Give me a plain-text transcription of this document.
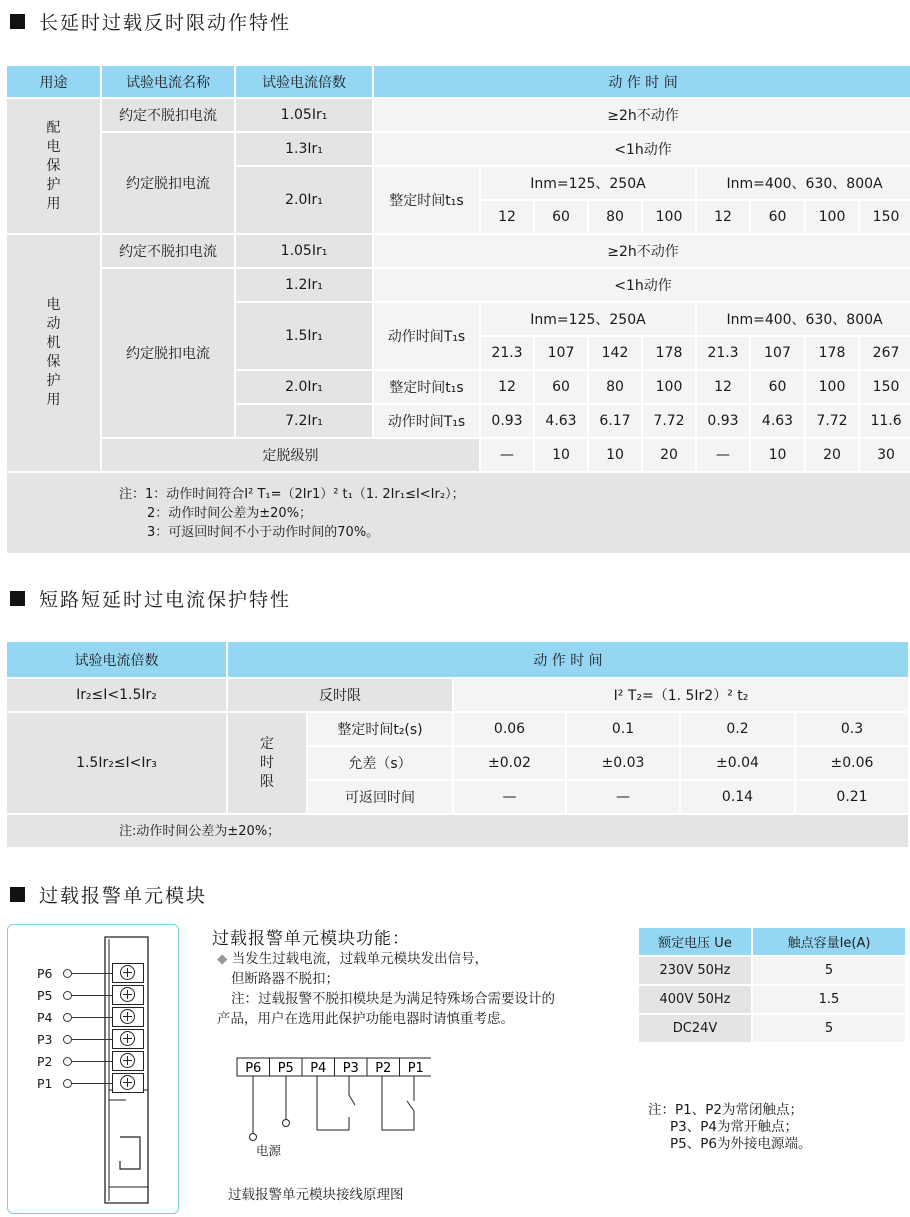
长延时过载反时限动作特性
用途	试验电流名称	试验电流倍数	动 作 时 间								
配电保护用	约定不脱扣电流	1.05Ir₁	≥2h不动作								
	约定脱扣电流	1.3Ir₁	<1h动作								
		2.0Ir₁	整定时间t₁s	Inm=125、250A				Inm=400、630、800A			
				12	60	80	100	12	60	100	150
电动机保护用	约定不脱扣电流	1.05Ir₁	≥2h不动作								
	约定脱扣电流	1.2Ir₁	<1h动作								
		1.5Ir₁	动作时间T₁s	Inm=125、250A				Inm=400、630、800A			
				21.3	107	142	178	21.3	107	178	267
		2.0Ir₁	整定时间t₁s	12	60	80	100	12	60	100	150
		7.2Ir₁	动作时间T₁s	0.93	4.63	6.17	7.72	0.93	4.63	7.72	11.6
	定脱级别			—	10	10	20	—	10	20	30

注：1：动作时间符合I² T₁=（2Ir1）² t₁（1. 2Ir₁≤I<Ir₂）；
2：动作时间公差为±20%；
3：可返回时间不小于动作时间的70%。											
短路短延时过电流保护特性
试验电流倍数	动 作 时 间					
Ir₂≤I<1.5Ir₂	反时限		I² T₂=（1. 5Ir2）² t₂			
1.5Ir₂≤I<Ir₃	定时限	整定时间t₂(s)	0.06	0.1	0.2	0.3
		允差（s）	±0.02	±0.03	±0.04	±0.06
		可返回时间	—	—	0.14	0.21
注:动作时间公差为±20%；						
过载报警单元模块
P6
P5
P4
P3
P2
P1
P6 P5 P4 P3 P2 P1
电源
过载报警单元模块接线原理图
过载报警单元模块功能：

◆ 当发生过载电流，过载单元模块发出信号，

但断路器不脱扣；

注：过载报警不脱扣模块是为满足特殊场合需要设计的

产品，用户在选用此保护功能电器时请慎重考虑。

额定电压 Ue	触点容量Ie(A)
230V 50Hz	5
400V 50Hz	1.5
DC24V	5

注：P1、P2为常闭触点；

P3、P4为常开触点；

P5、P6为外接电源端。
